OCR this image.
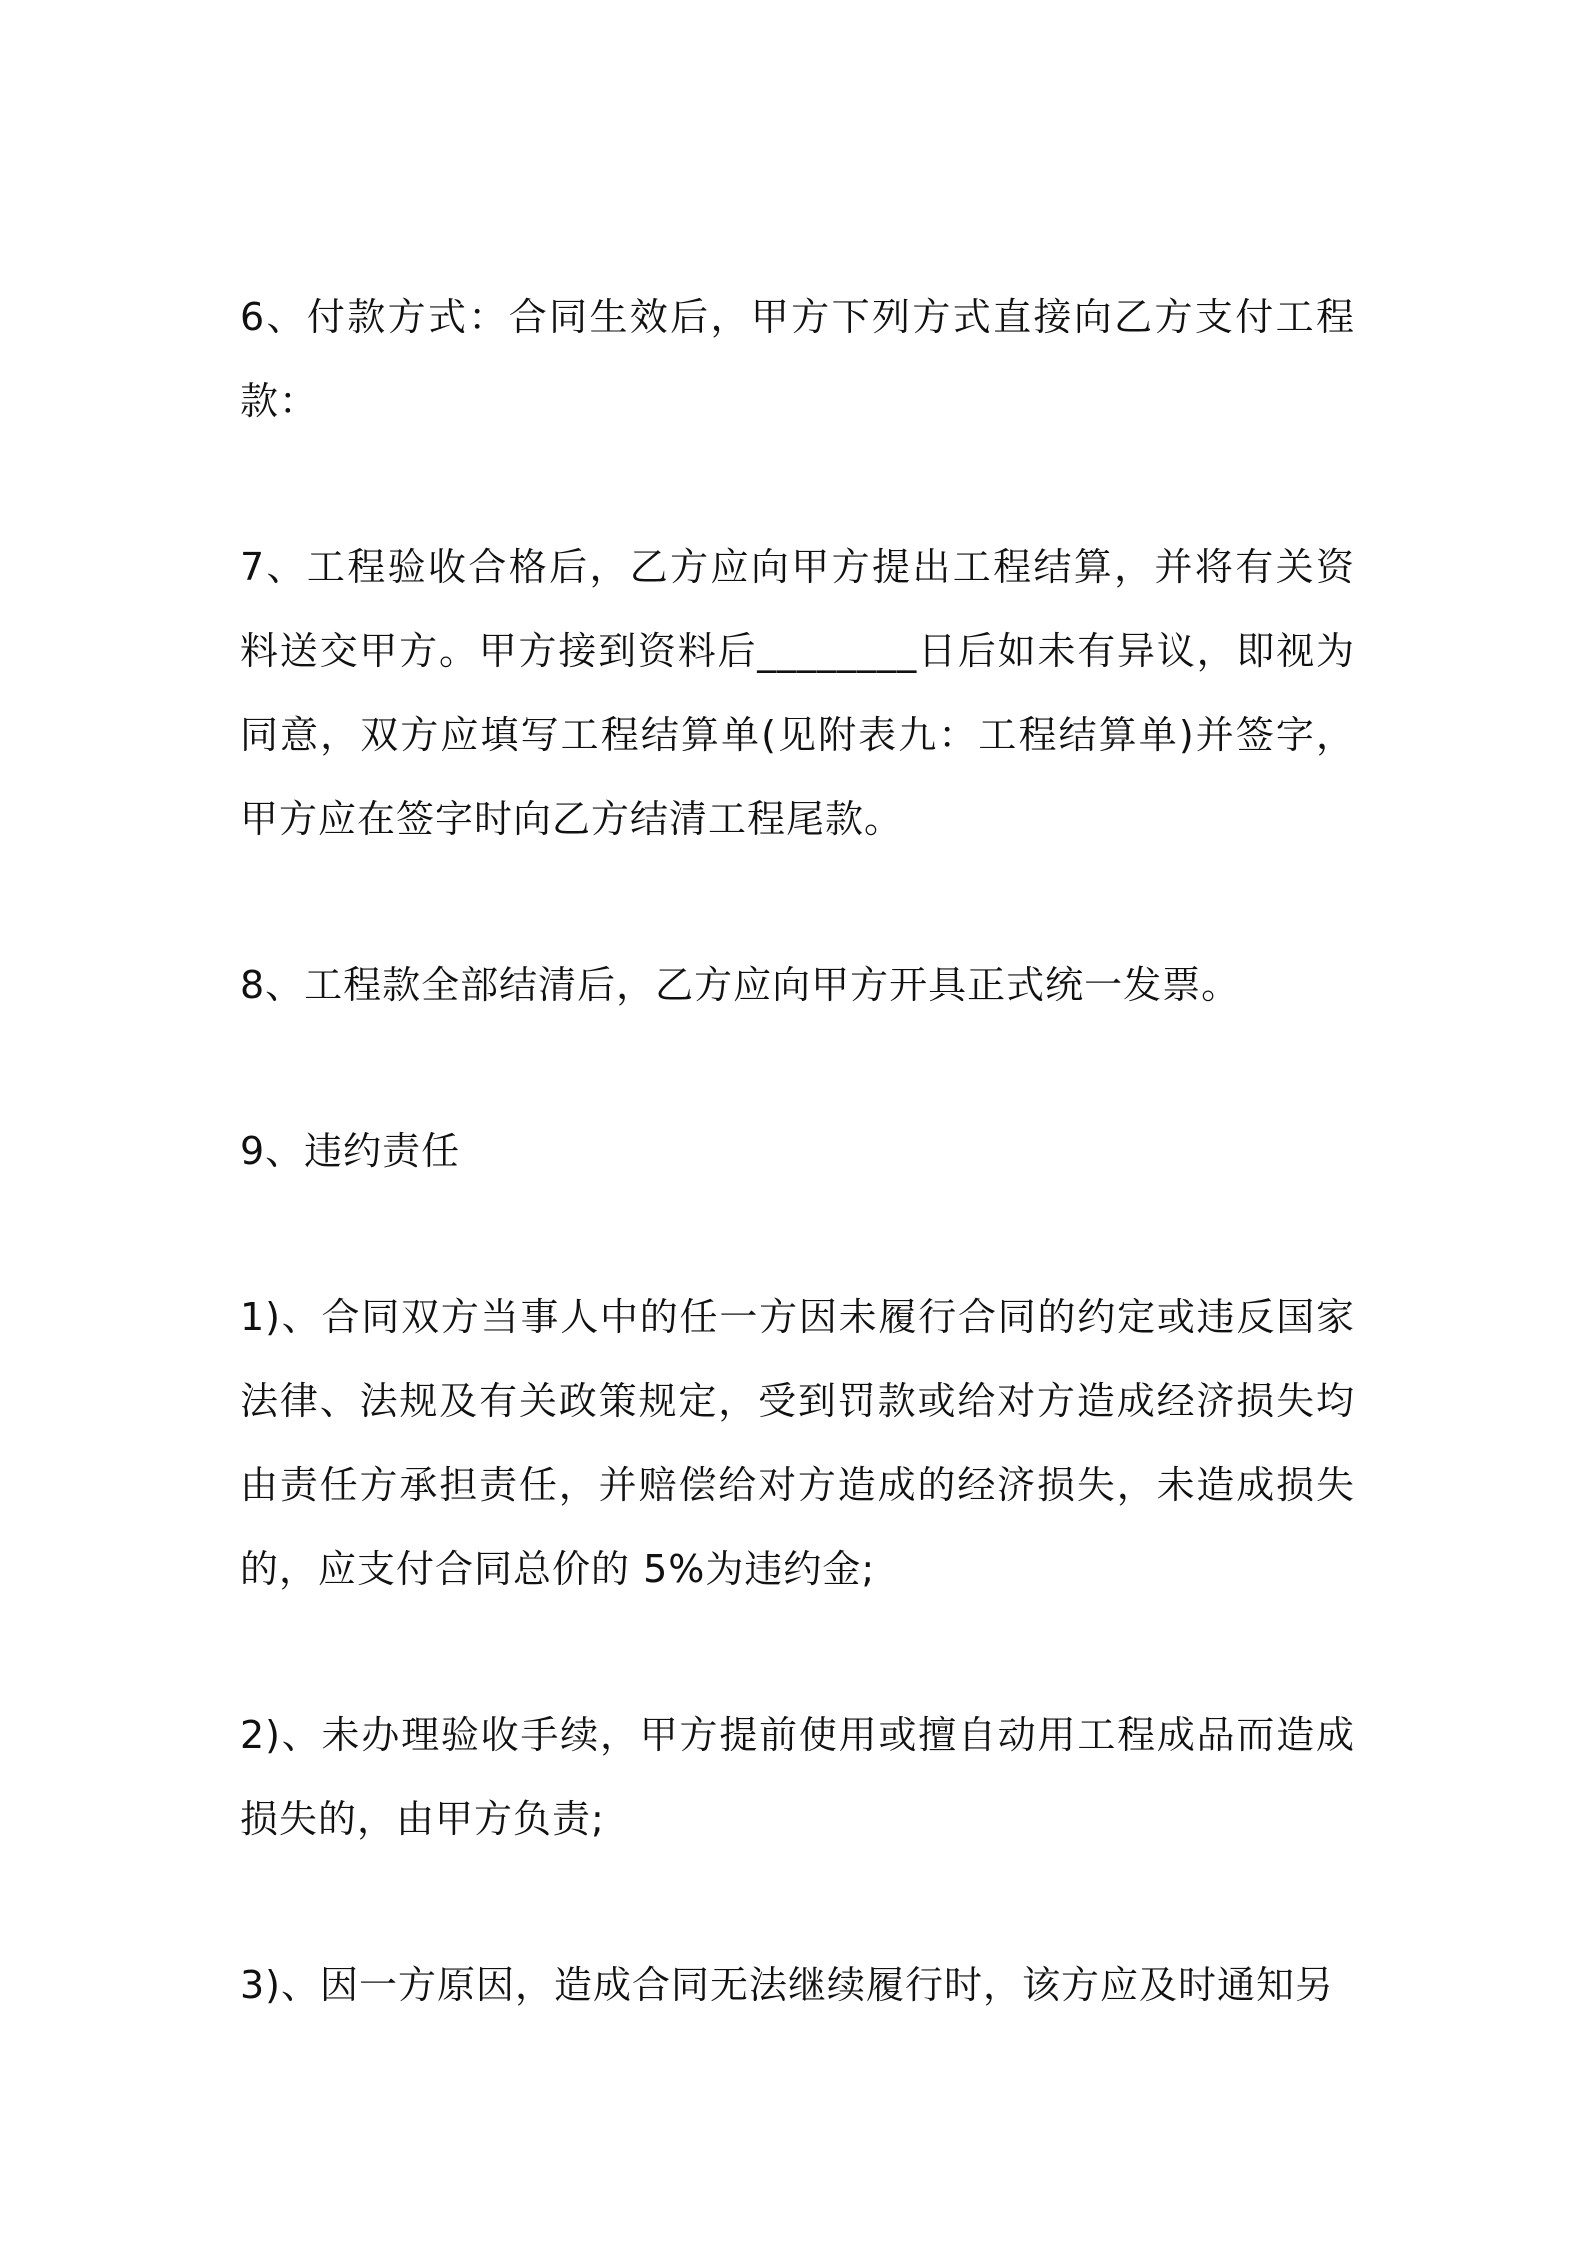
6、付款方式：合同生效后，甲方下列方式直接向乙方支付工程款：

7、工程验收合格后，乙方应向甲方提出工程结算，并将有关资料送交甲方。甲方接到资料后________日后如未有异议，即视为同意，双方应填写工程结算单(见附表九：工程结算单)并签字，甲方应在签字时向乙方结清工程尾款。

8、工程款全部结清后，乙方应向甲方开具正式统一发票。

9、违约责任

1)、合同双方当事人中的任一方因未履行合同的约定或违反国家法律、法规及有关政策规定，受到罚款或给对方造成经济损失均由责任方承担责任，并赔偿给对方造成的经济损失，未造成损失的，应支付合同总价的 5%为违约金;

2)、未办理验收手续，甲方提前使用或擅自动用工程成品而造成损失的，由甲方负责;

3)、因一方原因，造成合同无法继续履行时，该方应及时通知另
